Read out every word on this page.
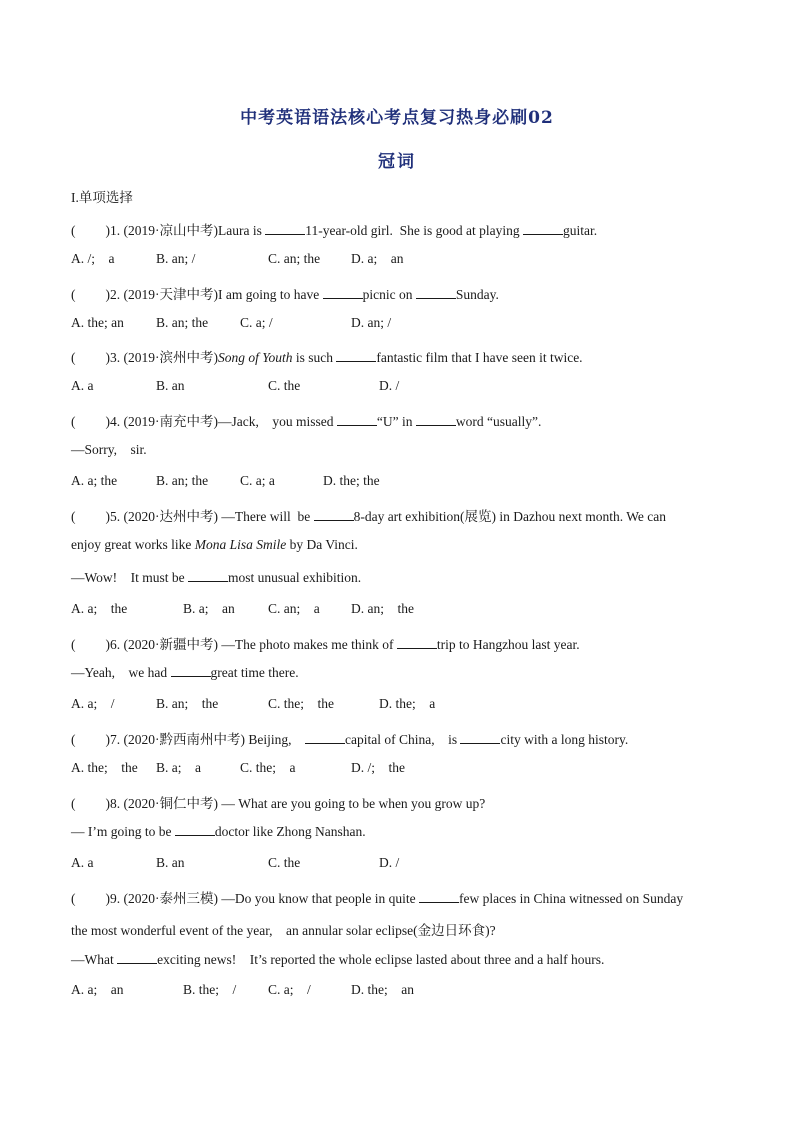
中考英语语法核心考点复习热身必刷02
冠词
I.单项选择
( )1. (2019·凉山中考)Laura is	11-year-old girl.  She is good at playing	guitar.
A. /;    a	B. an; /	C. an; the D. a;    an
( )2. (2019·天津中考)I am going to have	picnic on	Sunday.
A. the; an B. an; the C. a; /	D. an; /
( )3. (2019·滨州中考)Song of Youth is such	fantastic film that I have seen it twice.
A. a	B. an	C. the	D. /
( )4. (2019·南充中考)—Jack,    you missed	“U” in	word “usually”.
—Sorry,    sir.
A. a; the	B. an; the C. a; a	D. the; the
( )5. (2020·达州中考) —There will  be	8-day art exhibition(展览) in Dazhou next month. We can
enjoy great works like Mona Lisa Smile by Da Vinci.
—Wow!    It must be	most unusual exhibition.
A. a;    the	B. a;    an C. an;    a D. an;    the
( )6. (2020·新疆中考) —The photo makes me think of	trip to Hangzhou last year.
—Yeah,    we had	great time there.
A. a;    /	B. an;    the	C. the;    the	D. the;    a
( )7. (2020·黔西南州中考) Beijing,	capital of China,    is	city with a long history.
A. the;    the B. a;    a	C. the;    a	D. /;    the
( )8. (2020·铜仁中考) — What are you going to be when you grow up?
— I’m going to be	doctor like Zhong Nanshan.
A. a	B. an	C. the	D. /
( )9. (2020·泰州三模) —Do you know that people in quite	few places in China witnessed on Sunday
the most wonderful event of the year,    an annular solar eclipse(金边日环食)?
—What	exciting news!    It’s reported the whole eclipse lasted about three and a half hours.
A. a;    an	B. the;    / C. a;    /	D. the;    an
